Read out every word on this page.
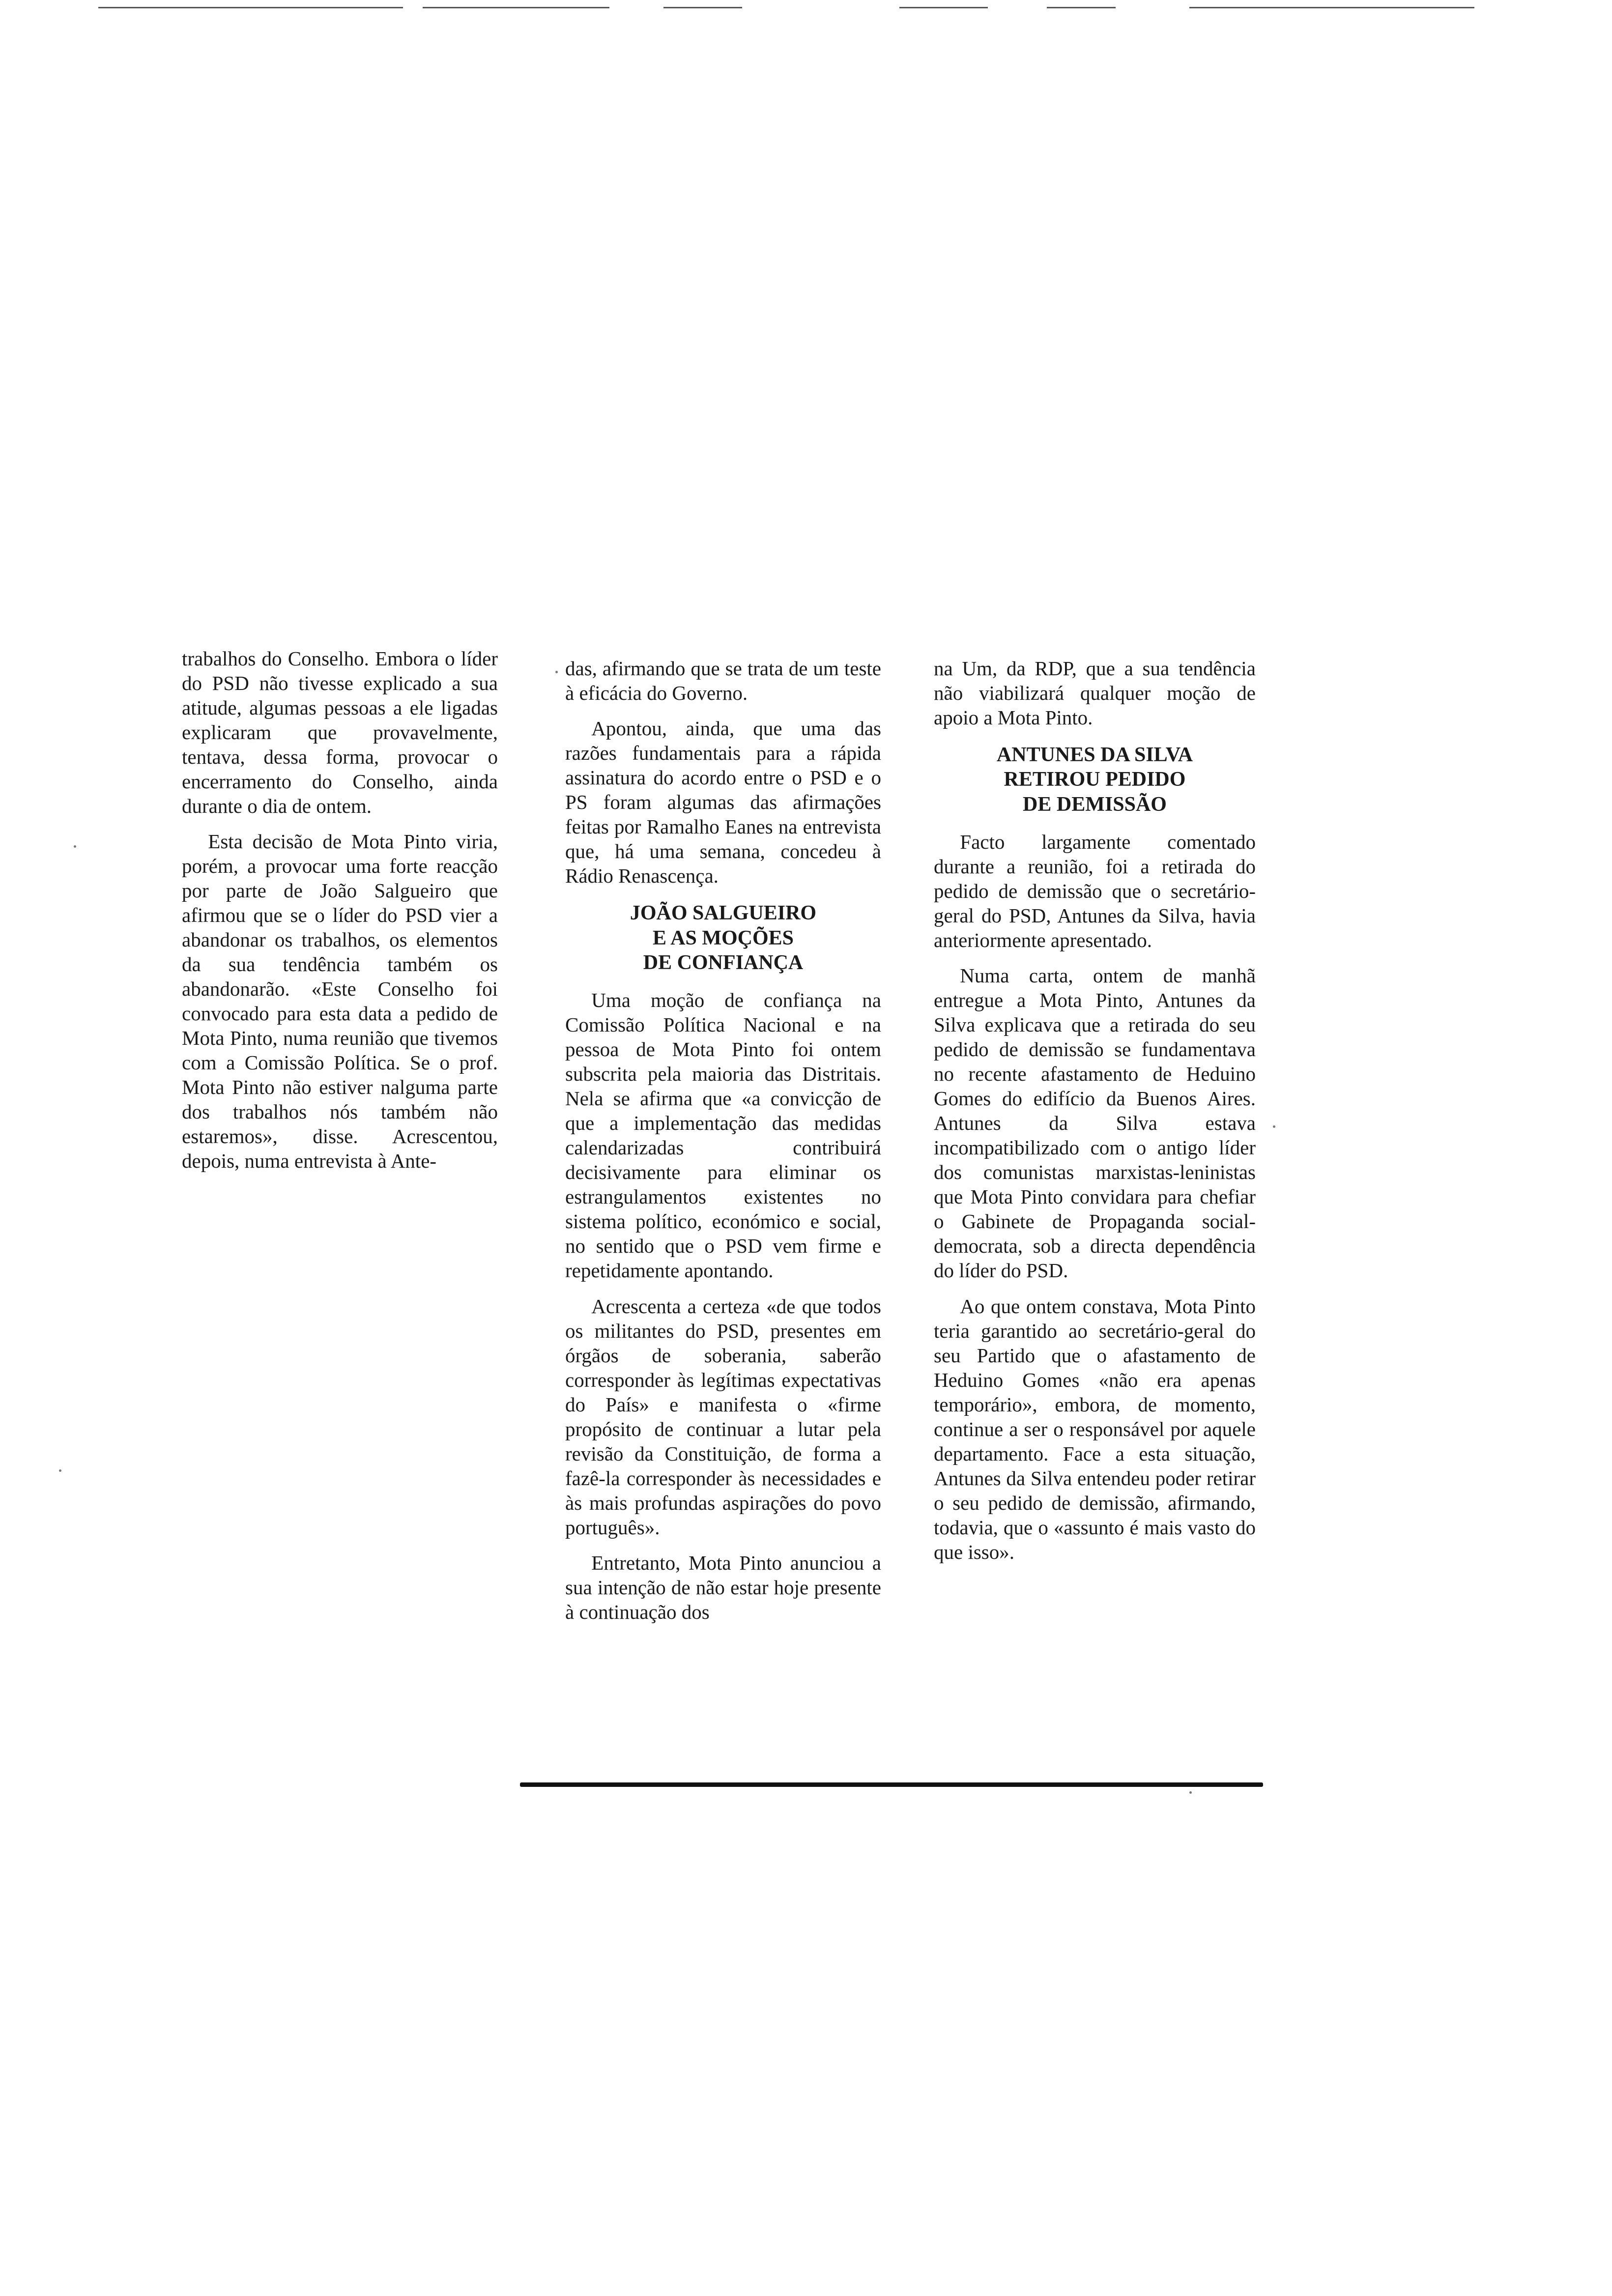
trabalhos do Conselho. Embora o líder do PSD não tivesse explicado a sua atitude, algumas pessoas a ele ligadas explicaram que provavelmente, tentava, dessa forma, provocar o encerramento do Conselho, ainda durante o dia de ontem.

Esta decisão de Mota Pinto viria, porém, a provocar uma forte reacção por parte de João Salgueiro que afirmou que se o líder do PSD vier a abandonar os trabalhos, os elementos da sua tendência também os abandonarão. «Este Conselho foi convocado para esta data a pedido de Mota Pinto, numa reunião que tivemos com a Comissão Política. Se o prof. Mota Pinto não estiver nalguma parte dos trabalhos nós também não estaremos», disse. Acrescentou, depois, numa entrevista à Ante-

das, afirmando que se trata de um teste à eficácia do Governo.

Apontou, ainda, que uma das razões fundamentais para a rápida assinatura do acordo entre o PSD e o PS foram algumas das afirmações feitas por Ramalho Eanes na entrevista que, há uma semana, concedeu à Rádio Renascença.

JOÃO SALGUEIRO
E AS MOÇÕES
DE CONFIANÇA

Uma moção de confiança na Comissão Política Nacional e na pessoa de Mota Pinto foi ontem subscrita pela maioria das Distritais. Nela se afirma que «a convicção de que a implementação das medidas calendarizadas contribuirá decisivamente para eliminar os estrangulamentos existentes no sistema político, económico e social, no sentido que o PSD vem firme e repetidamente apontando.

Acrescenta a certeza «de que todos os militantes do PSD, presentes em órgãos de soberania, saberão corresponder às legítimas expectativas do País» e manifesta o «firme propósito de continuar a lutar pela revisão da Constituição, de forma a fazê-la corresponder às necessidades e às mais profundas aspirações do povo português».

Entretanto, Mota Pinto anunciou a sua intenção de não estar hoje presente à continuação dos

na Um, da RDP, que a sua tendência não viabilizará qualquer moção de apoio a Mota Pinto.

ANTUNES DA SILVA
RETIROU PEDIDO
DE DEMISSÃO

Facto largamente comentado durante a reunião, foi a retirada do pedido de demissão que o secretário-geral do PSD, Antunes da Silva, havia anteriormente apresentado.

Numa carta, ontem de manhã entregue a Mota Pinto, Antunes da Silva explicava que a retirada do seu pedido de demissão se fundamentava no recente afastamento de Heduino Gomes do edifício da Buenos Aires. Antunes da Silva estava incompatibilizado com o antigo líder dos comunistas marxistas-leninistas que Mota Pinto convidara para chefiar o Gabinete de Propaganda social-democrata, sob a directa dependência do líder do PSD.

Ao que ontem constava, Mota Pinto teria garantido ao secretário-geral do seu Partido que o afastamento de Heduino Gomes «não era apenas temporário», embora, de momento, continue a ser o responsável por aquele departamento. Face a esta situação, Antunes da Silva entendeu poder retirar o seu pedido de demissão, afirmando, todavia, que o «assunto é mais vasto do que isso».
